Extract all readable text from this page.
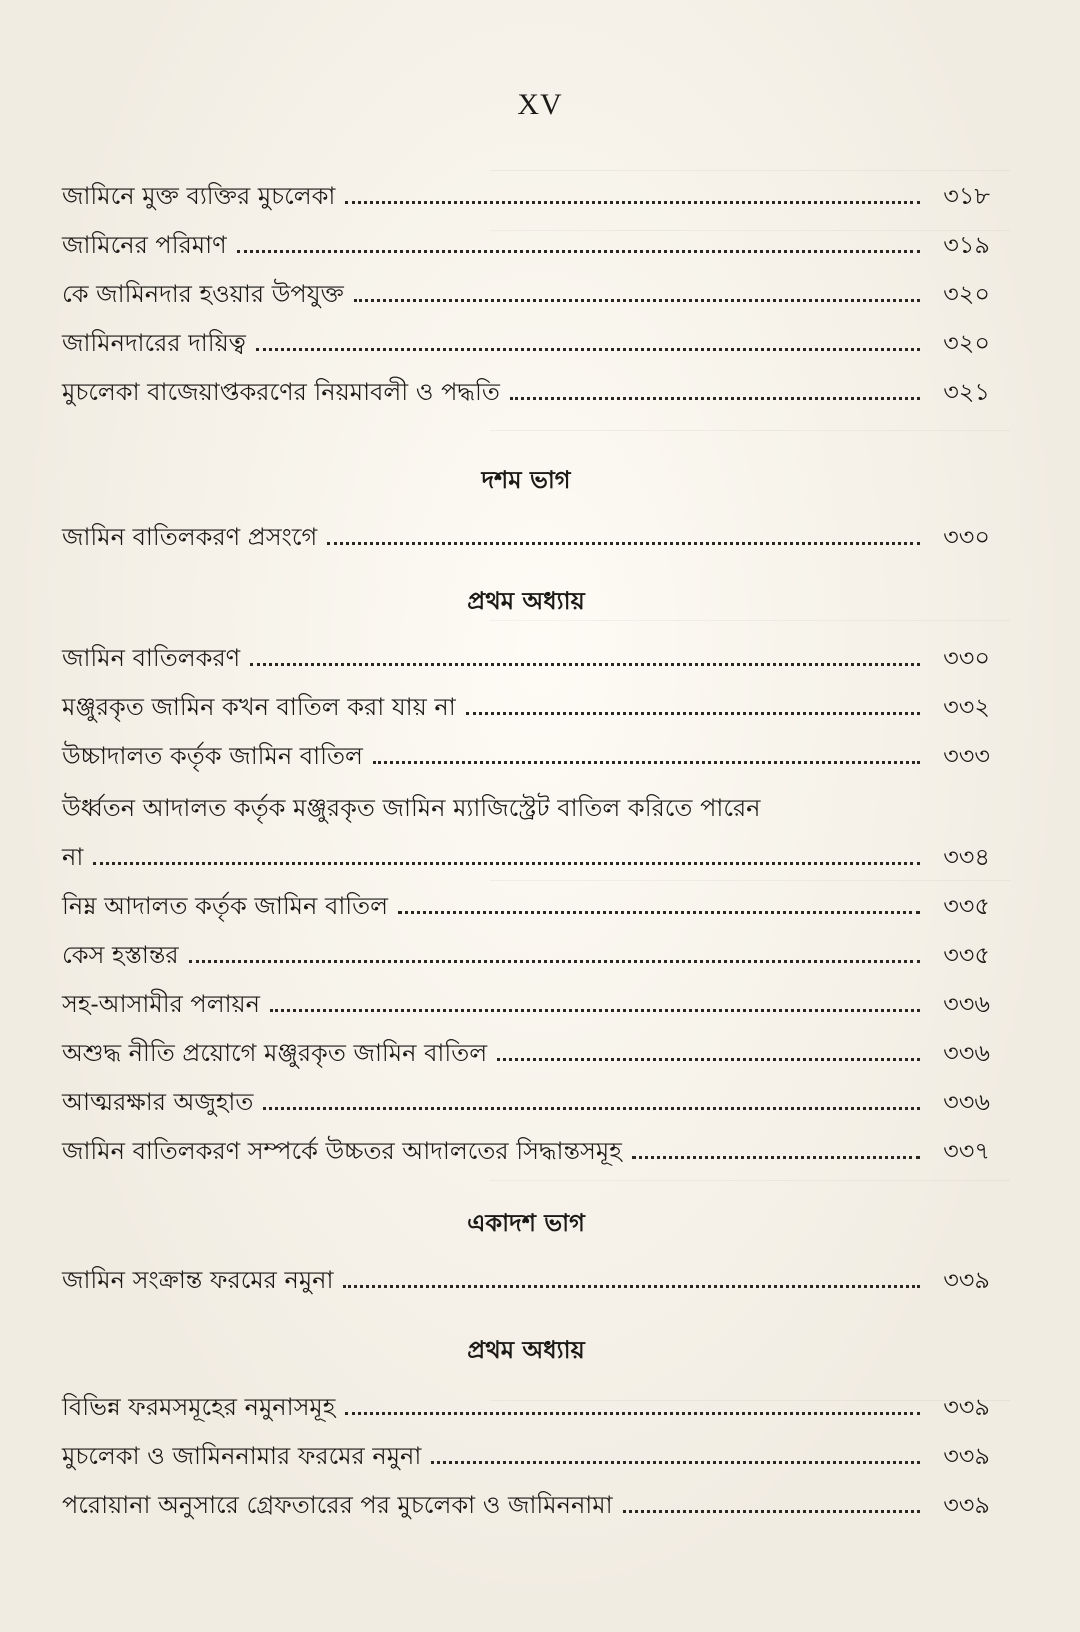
XV
জামিনে মুক্ত ব্যক্তির মুচলেকা	৩১৮
জামিনের পরিমাণ	৩১৯
কে জামিনদার হওয়ার উপযুক্ত	৩২০
জামিনদারের দায়িত্ব	৩২০
মুচলেকা বাজেয়াপ্তকরণের নিয়মাবলী ও পদ্ধতি	৩২১
দশম ভাগ
জামিন বাতিলকরণ প্রসংগে	৩৩০
প্রথম অধ্যায়
জামিন বাতিলকরণ	৩৩০
মঞ্জুরকৃত জামিন কখন বাতিল করা যায় না	৩৩২
উচ্চাদালত কর্তৃক জামিন বাতিল	৩৩৩
উর্ধ্বতন আদালত কর্তৃক মঞ্জুরকৃত জামিন ম্যাজিস্ট্রেট বাতিল করিতে পারেন
না	৩৩৪
নিম্ন আদালত কর্তৃক জামিন বাতিল	৩৩৫
কেস হস্তান্তর	৩৩৫
সহ-আসামীর পলায়ন	৩৩৬
অশুদ্ধ নীতি প্রয়োগে মঞ্জুরকৃত জামিন বাতিল	৩৩৬
আত্মরক্ষার অজুহাত	৩৩৬
জামিন বাতিলকরণ সম্পর্কে উচ্চতর আদালতের সিদ্ধান্তসমূহ	৩৩৭
একাদশ ভাগ
জামিন সংক্রান্ত ফরমের নমুনা	৩৩৯
প্রথম অধ্যায়
বিভিন্ন ফরমসমূহের নমুনাসমূহ	৩৩৯
মুচলেকা ও জামিননামার ফরমের নমুনা	৩৩৯
পরোয়ানা অনুসারে গ্রেফতারের পর মুচলেকা ও জামিননামা	৩৩৯
